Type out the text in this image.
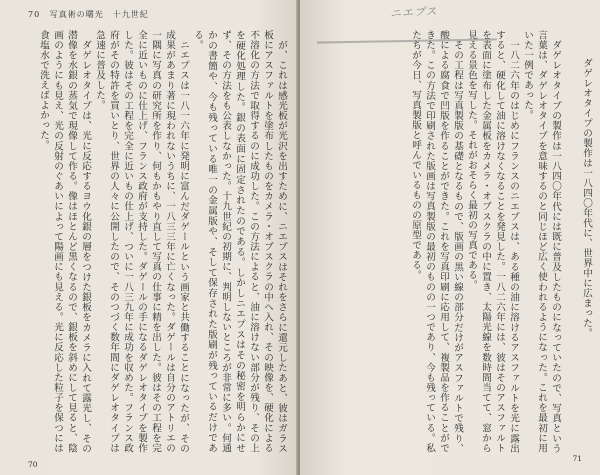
70 写真術の曙光　十九世紀

が、これは感光板が光沢を出すために、ニエプスはそれをさらに還元したあと、彼はガラス板にアスファルトを塗布したものをカメラ・オブスクラの中へ入れ、その映像を、硬化による不溶化の方法で取得するのに成功した。この方法によると、油に溶けない部分が残り、その上を硬化処理した。銀の表面に固定されたのである。しかしニエプスはその秘密を明らかにせず、その方法をも公表しなかった。十九世紀の初期に、判明しないところが非常に多い。何通かの書簡や、今も残っている唯一の金属版や、そして保存された版刷が残っているだけである。

ニエプスは一八一六年に発明に富んだダゲールという画家と共働することになったが、その成果があまり著に現われないうちに、一八三三年に亡くなった。ダゲールは自分のアトリエの一隅に写真の研究所を作り、何もかもやり直して写真の仕事に精を出した。彼はその工程を完全に近いものに仕上げ、フランス政府が支持した。ダゲールの手になるダゲレオタイプを製作した。彼はその工程を完全に近いもの仕上げ、ついに一八三九年に成功を収めた。フランス政府がその特許を買いとり、世界の人々に公開したので、そのつづく数年間にダゲレオタイプは急速に普及した。

ダゲレオタイプは、光に反応するヨウ化銀の層をつけた銀板をカメラに入れて露光し、その潜像を水銀の蒸気で現像して作る。像はほとんど黒くなるので、銀板を斜めにして見ると、陰画のようにも見え、光の反射のぐあいによって陽画にも見える。光に反応した粒子を保つには食塩水で洗えばよかった。

70
ニエプス

ダゲレオタイプの製作は一八四〇年代には既に普及したものになっていたので、写真という言葉は、ダゲレオタイプを意味するのと同じほど広く使われるようになった。これを最初に用いた一例であった。

一八二六年のはじめにフランスのニエプスは、ある種の油に溶けるアスファルトを光に露出すると、硬化して油に溶けなくなることを発見した。一八二六年には、彼はそのアスファルトを表面に塗布した金属板をカメラ・オブスクラの中に置き、太陽光線を数時間当てて、窓から見える景色を写した。それがおそらく最初の写真である。

その工程は写真製版の基礎となるもので、版画の黒い線の部分だけがアスファルトで残り、酸による腐食で凹版を作ることができた。これを写真印刷に応用して、複製品を作ることができた。この方法で印刷された版画は写真製版の最初のものの一つであり、今も残っている。私たちが今日、写真製版と呼んでいるものの原型である。	ダゲレオタイプの製作は一八四〇年代に、世界中に広まった。

71
